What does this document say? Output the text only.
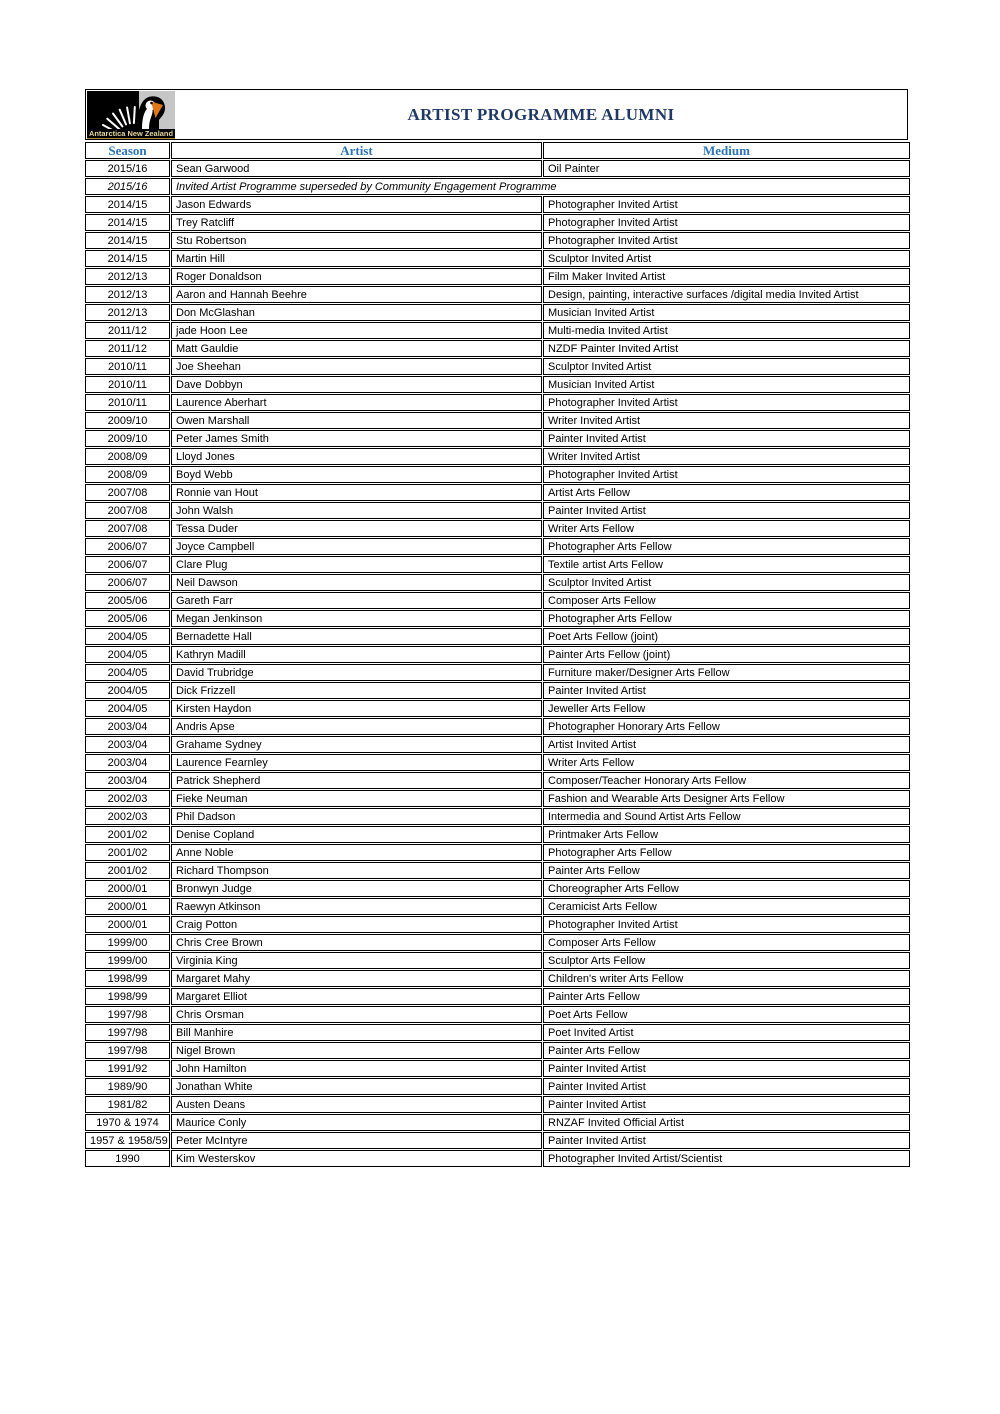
Antarctica New Zealand
ARTIST PROGRAMME ALUMNI
Season	Artist	Medium
2015/16	Sean Garwood	Oil Painter
2015/16	Invited Artist Programme superseded by Community Engagement Programme	
2014/15	Jason Edwards	Photographer Invited Artist
2014/15	Trey Ratcliff	Photographer Invited Artist
2014/15	Stu Robertson	Photographer Invited Artist
2014/15	Martin Hill	Sculptor Invited Artist
2012/13	Roger Donaldson	Film Maker Invited Artist
2012/13	Aaron and Hannah Beehre	Design, painting, interactive surfaces /digital media Invited Artist
2012/13	Don McGlashan	Musician Invited Artist
2011/12	jade Hoon Lee	Multi-media Invited Artist
2011/12	Matt Gauldie	NZDF Painter Invited Artist
2010/11	Joe Sheehan	Sculptor Invited Artist
2010/11	Dave Dobbyn	Musician Invited Artist
2010/11	Laurence Aberhart	Photographer Invited Artist
2009/10	Owen Marshall	Writer Invited Artist
2009/10	Peter James Smith	Painter Invited Artist
2008/09	Lloyd Jones	Writer Invited Artist
2008/09	Boyd Webb	Photographer Invited Artist
2007/08	Ronnie van Hout	Artist Arts Fellow
2007/08	John Walsh	Painter Invited Artist
2007/08	Tessa Duder	Writer Arts Fellow
2006/07	Joyce Campbell	Photographer Arts Fellow
2006/07	Clare Plug	Textile artist Arts Fellow
2006/07	Neil Dawson	Sculptor Invited Artist
2005/06	Gareth Farr	Composer Arts Fellow
2005/06	Megan Jenkinson	Photographer Arts Fellow
2004/05	Bernadette Hall	Poet Arts Fellow (joint)
2004/05	Kathryn Madill	Painter Arts Fellow (joint)
2004/05	David Trubridge	Furniture maker/Designer Arts Fellow
2004/05	Dick Frizzell	Painter Invited Artist
2004/05	Kirsten Haydon	Jeweller Arts Fellow
2003/04	Andris Apse	Photographer Honorary Arts Fellow
2003/04	Grahame Sydney	Artist Invited Artist
2003/04	Laurence Fearnley	Writer Arts Fellow
2003/04	Patrick Shepherd	Composer/Teacher Honorary Arts Fellow
2002/03	Fieke Neuman	Fashion and Wearable Arts Designer Arts Fellow
2002/03	Phil Dadson	Intermedia and Sound Artist Arts Fellow
2001/02	Denise Copland	Printmaker Arts Fellow
2001/02	Anne Noble	Photographer Arts Fellow
2001/02	Richard Thompson	Painter Arts Fellow
2000/01	Bronwyn Judge	Choreographer Arts Fellow
2000/01	Raewyn Atkinson	Ceramicist Arts Fellow
2000/01	Craig Potton	Photographer Invited Artist
1999/00	Chris Cree Brown	Composer Arts Fellow
1999/00	Virginia King	Sculptor Arts Fellow
1998/99	Margaret Mahy	Children's writer Arts Fellow
1998/99	Margaret Elliot	Painter Arts Fellow
1997/98	Chris Orsman	Poet Arts Fellow
1997/98	Bill Manhire	Poet Invited Artist
1997/98	Nigel Brown	Painter Arts Fellow
1991/92	John Hamilton	Painter Invited Artist
1989/90	Jonathan White	Painter Invited Artist
1981/82	Austen Deans	Painter Invited Artist
1970 & 1974	Maurice Conly	RNZAF Invited Official Artist
1957 & 1958/59	Peter McIntyre	Painter Invited Artist
1990	Kim Westerskov	Photographer Invited Artist/Scientist
